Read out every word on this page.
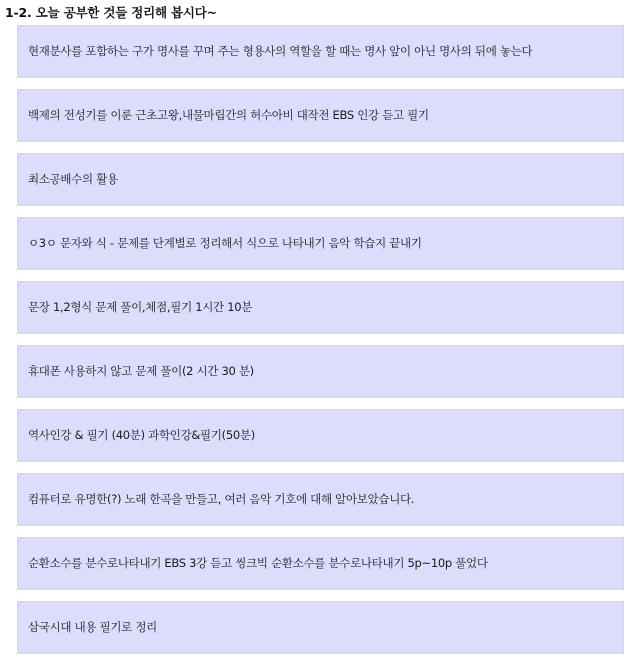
1-2. 오늘 공부한 것들 정리해 봅시다~
현재분사를 포함하는 구가 명사를 꾸며 주는 형용사의 역할을 할 때는 명사 앞이 아닌 명사의 뒤에 놓는다
백제의 전성기를 이룬 근초고왕,내물마립간의 허수아비 대작전 EBS 인강 듣고 필기
최소공배수의 활용
ㅇ3ㅇ 문자와 식 - 문제를 단계별로 정리해서 식으로 나타내기 음악 학습지 끝내기
문장 1,2형식 문제 풀이,체점,필기 1시간 10분
휴대폰 사용하지 않고 문제 풀이(2 시간 30 분)
역사인강 & 필기 (40분) 과학인강&필기(50분)
컴퓨터로 유명한(?) 노래 한곡을 만들고, 여러 음악 기호에 대해 알아보았습니다.
순환소수를 분수로나타내기 EBS 3강 듣고 씽크빅 순환소수를 분수로나타내기 5p~10p 풀었다
삼국시대 내용 필기로 정리
